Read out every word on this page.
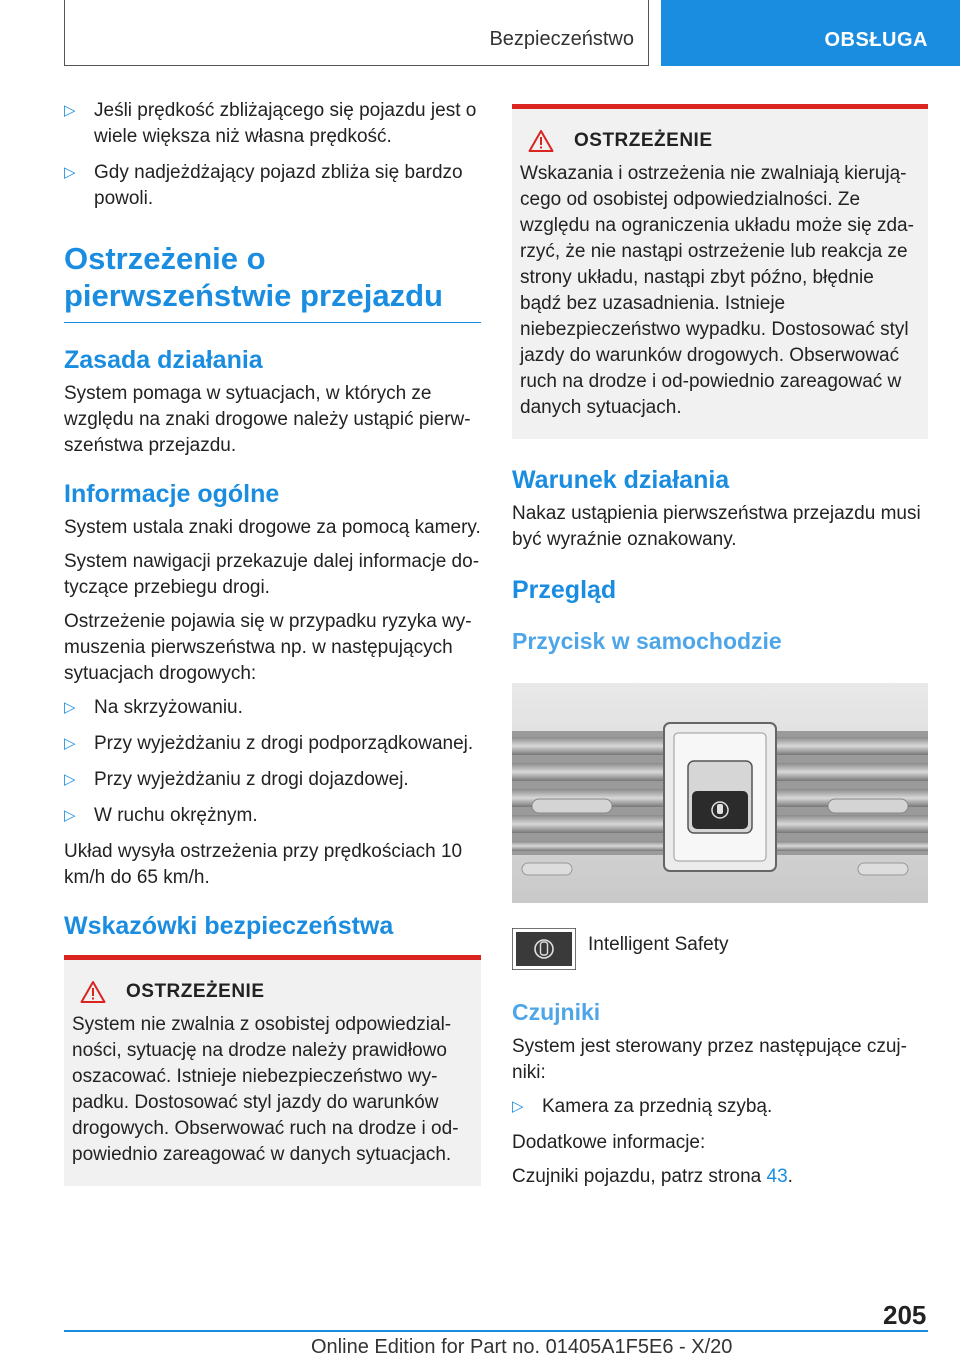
Bezpieczeństwo	OBSŁUGA
▷ Jeśli prędkość zbliżającego się pojazdu jest o wiele większa niż własna prędkość.
▷ Gdy nadjeżdżający pojazd zbliża się bardzo powoli.
Ostrzeżenie o pierwszeństwie przejazdu
Zasada działania

System pomaga w sytuacjach, w których ze względu na znaki drogowe należy ustąpić pierw-szeństwa przejazdu.

Informacje ogólne

System ustala znaki drogowe za pomocą kamery.

System nawigacji przekazuje dalej informacje do-tyczące przebiegu drogi.

Ostrzeżenie pojawia się w przypadku ryzyka wy-muszenia pierwszeństwa np. w następujących sytuacjach drogowych:

▷ Na skrzyżowaniu.
▷ Przy wyjeżdżaniu z drogi podporządkowanej.
▷ Przy wyjeżdżaniu z drogi dojazdowej.
▷ W ruchu okrężnym.

Układ wysyła ostrzeżenia przy prędkościach 10 km/h do 65 km/h.

Wskazówki bezpieczeństwa
OSTRZEŻENIE

System nie zwalnia z osobistej odpowiedzial-ności, sytuację na drodze należy prawidłowo oszacować. Istnieje niebezpieczeństwo wy-padku. Dostosować styl jazdy do warunków drogowych. Obserwować ruch na drodze i od-powiednio zareagować w danych sytuacjach.

OSTRZEŻENIE

Wskazania i ostrzeżenia nie zwalniają kierują-cego od osobistej odpowiedzialności. Ze względu na ograniczenia układu może się zda-rzyć, że nie nastąpi ostrzeżenie lub reakcja ze strony układu, nastąpi zbyt późno, błędnie bądź bez uzasadnienia. Istnieje niebezpieczeństwo wypadku. Dostosować styl jazdy do warunków drogowych. Obserwować ruch na drodze i od-powiednio zareagować w danych sytuacjach.

Warunek działania

Nakaz ustąpienia pierwszeństwa przejazdu musi być wyraźnie oznakowany.

Przegląd
Przycisk w samochodzie
Intelligent Safety
Czujniki

System jest sterowany przez następujące czuj-niki:

▷ Kamera za przednią szybą.

Dodatkowe informacje:

Czujniki pojazdu, patrz strona 43.

205
Online Edition for Part no. 01405A1F5E6 - X/20
